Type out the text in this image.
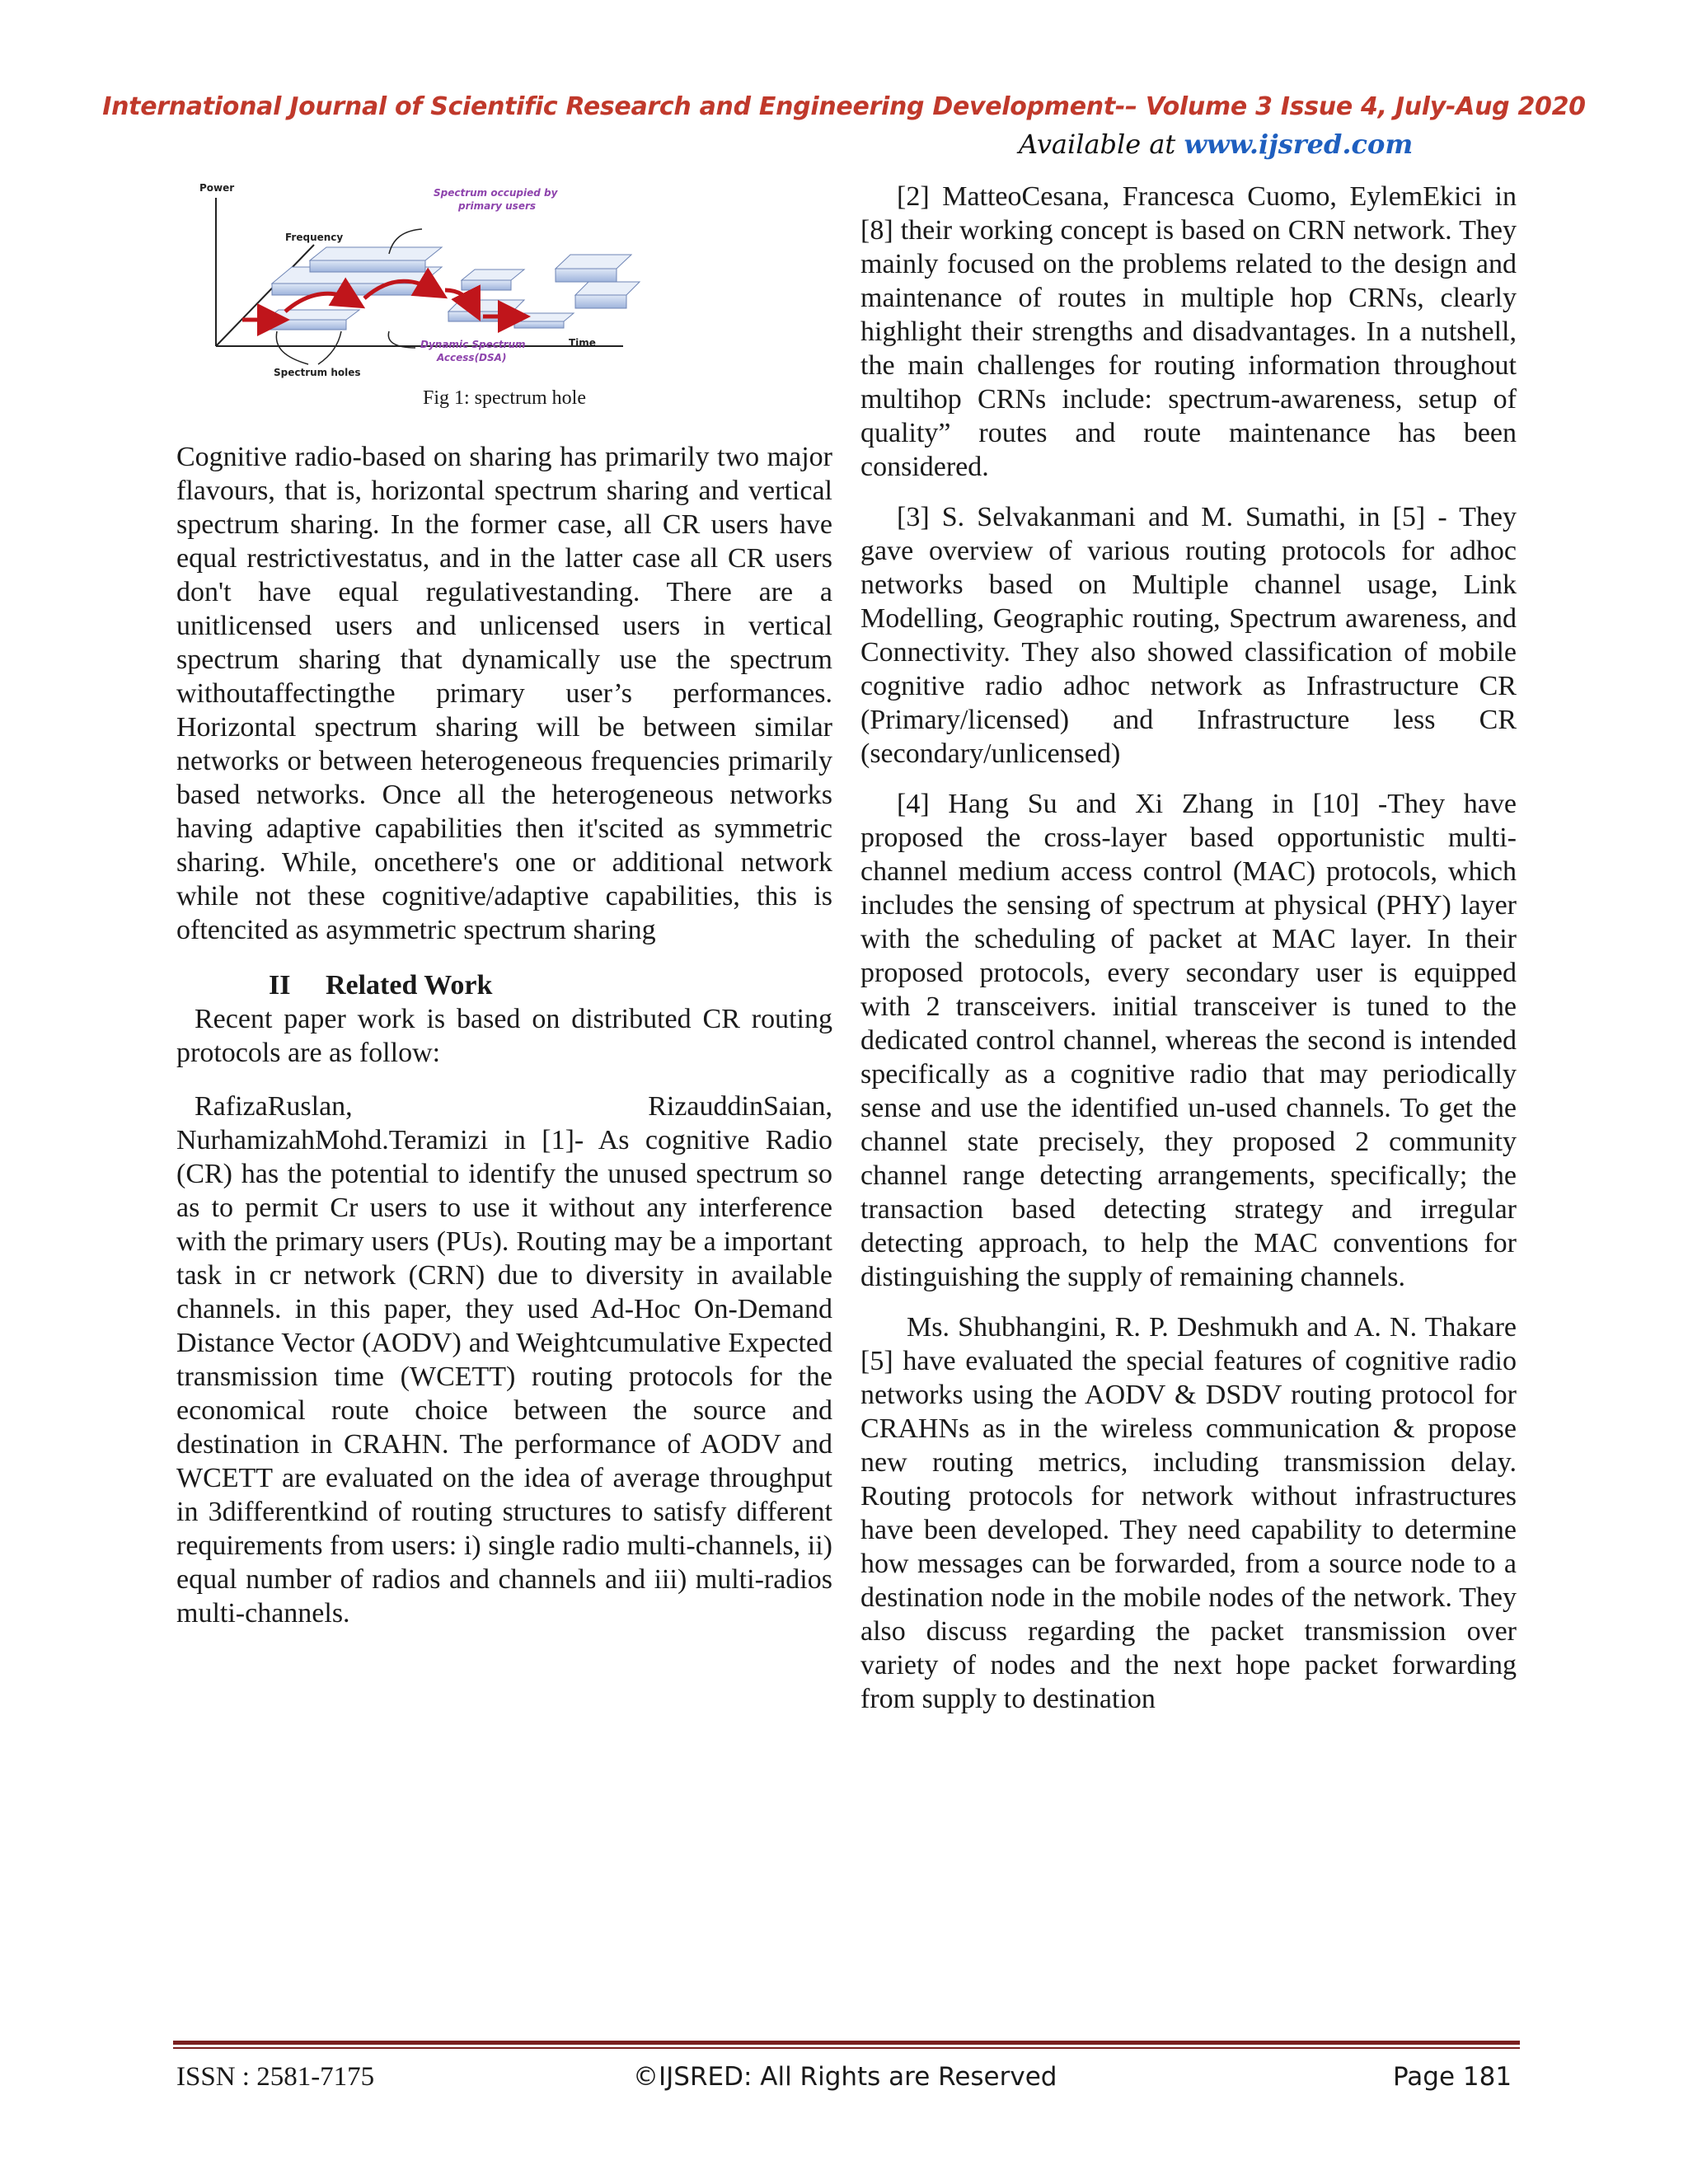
International Journal of Scientific Research and Engineering Development-– Volume 3 Issue 4, July-Aug 2020
Available at www.ijsred.com
Power
Frequency
Spectrum occupied by
primary users
Time
Dynamic Spectrum
Access(DSA)
Spectrum holes
Fig 1: spectrum hole

Cognitive radio-based on sharing has primarily two major flavours, that is, horizontal spectrum sharing and vertical spectrum sharing. In the former case, all CR users have equal restrictivestatus, and in the latter case all CR users don't have equal regulativestanding. There are a unitlicensed users and unlicensed users in vertical spectrum sharing that dynamically use the spectrum withoutaffectingthe primary user’s performances. Horizontal spectrum sharing will be between similar networks or between heterogeneous frequencies primarily based networks. Once all the heterogeneous networks having adaptive capabilities then it'scited as symmetric sharing. While, oncethere's one or additional network while not these cognitive/adaptive capabilities, this is oftencited as asymmetric spectrum sharing

II Related Work

Recent paper work is based on distributed CR routing protocols are as follow:

RafizaRuslan, RizauddinSaian, NurhamizahMohd.Teramizi in [1]- As cognitive Radio (CR) has the potential to identify the unused spectrum so as to permit Cr users to use it without any interference with the primary users (PUs). Routing may be a important task in cr network (CRN) due to diversity in available channels. in this paper, they used Ad-Hoc On-Demand Distance Vector (AODV) and Weightcumulative Expected transmission time (WCETT) routing protocols for the economical route choice between the source and destination in CRAHN. The performance of AODV and WCETT are evaluated on the idea of average throughput in 3differentkind of routing structures to satisfy different requirements from users: i) single radio multi-channels, ii) equal number of radios and channels and iii) multi-radios multi-channels.

[2] MatteoCesana, Francesca Cuomo, EylemEkici in [8] their working concept is based on CRN network. They mainly focused on the problems related to the design and maintenance of routes in multiple hop CRNs, clearly highlight their strengths and disadvantages. In a nutshell, the main challenges for routing information throughout multihop CRNs include: spectrum-awareness, setup of quality” routes and route maintenance has been considered.

[3] S. Selvakanmani and M. Sumathi, in [5] - They gave overview of various routing protocols for adhoc networks based on Multiple channel usage, Link Modelling, Geographic routing, Spectrum awareness, and Connectivity. They also showed classification of mobile cognitive radio adhoc network as Infrastructure CR (Primary/licensed) and Infrastructure less CR (secondary/unlicensed)

[4] Hang Su and Xi Zhang in [10] -They have proposed the cross-layer based opportunistic multi-channel medium access control (MAC) protocols, which includes the sensing of spectrum at physical (PHY) layer with the scheduling of packet at MAC layer. In their proposed protocols, every secondary user is equipped with 2 transceivers. initial transceiver is tuned to the dedicated control channel, whereas the second is intended specifically as a cognitive radio that may periodically sense and use the identified un-used channels. To get the channel state precisely, they proposed 2 community channel range detecting arrangements, specifically; the transaction based detecting strategy and irregular detecting approach, to help the MAC conventions for distinguishing the supply of remaining channels.

Ms. Shubhangini, R. P. Deshmukh and A. N. Thakare [5] have evaluated the special features of cognitive radio networks using the AODV & DSDV routing protocol for CRAHNs as in the wireless communication & propose new routing metrics, including transmission delay. Routing protocols for network without infrastructures have been developed. They need capability to determine how messages can be forwarded, from a source node to a destination node in the mobile nodes of the network. They also discuss regarding the packet transmission over variety of nodes and the next hope packet forwarding from supply to destination

ISSN : 2581-7175	©IJSRED: All Rights are Reserved	Page 181
